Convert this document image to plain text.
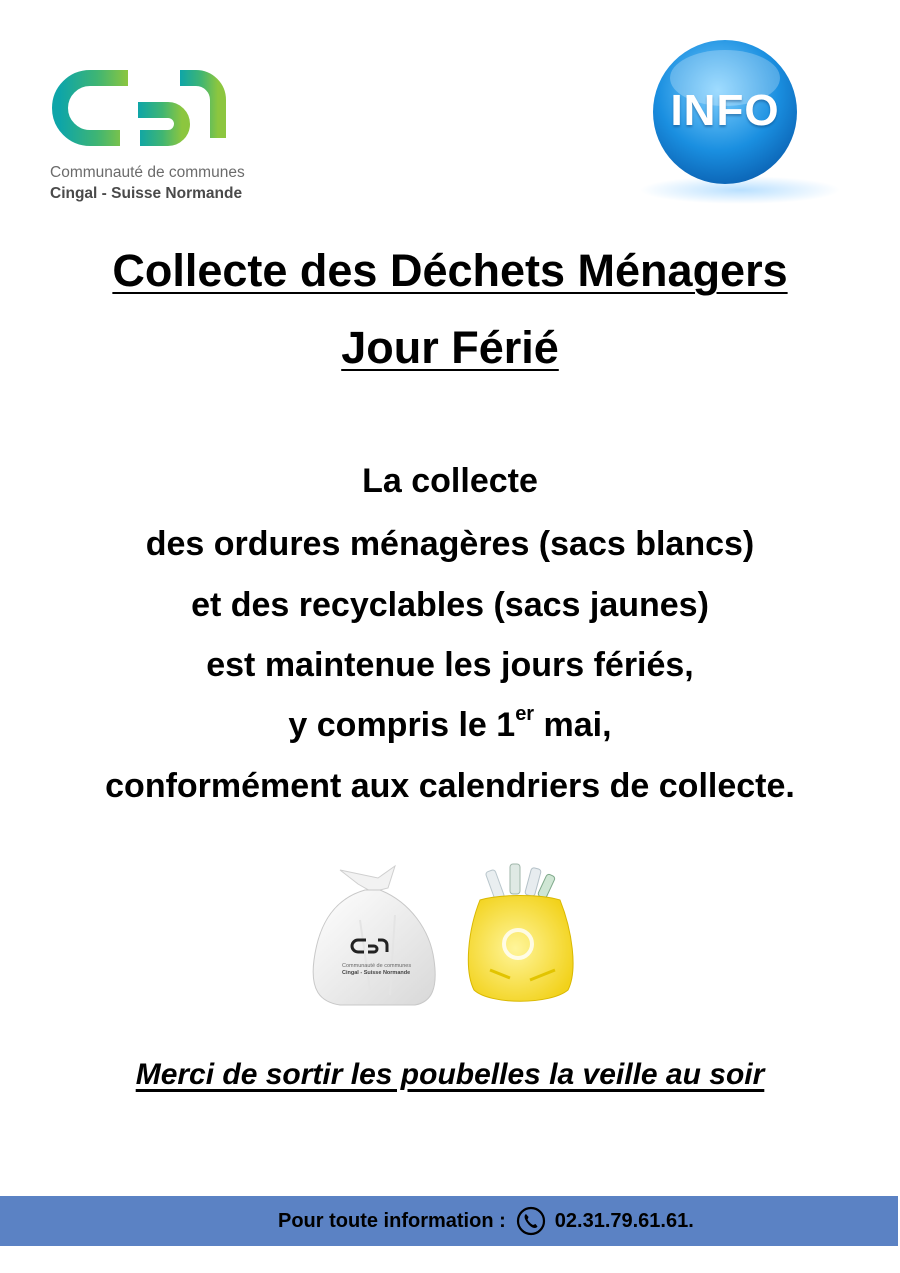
Communauté de communes
Cingal - Suisse Normande
INFO
Collecte des Déchets Ménagers
Jour Férié
La collecte
des ordures ménagères (sacs blancs)
et des recyclables (sacs jaunes)
est maintenue les jours fériés,
y compris le 1er mai,
conformément aux calendriers de collecte.
Communauté de communes
Cingal - Suisse Normande
Merci de sortir les poubelles la veille au soir
Pour toute information : 02.31.79.61.61.
